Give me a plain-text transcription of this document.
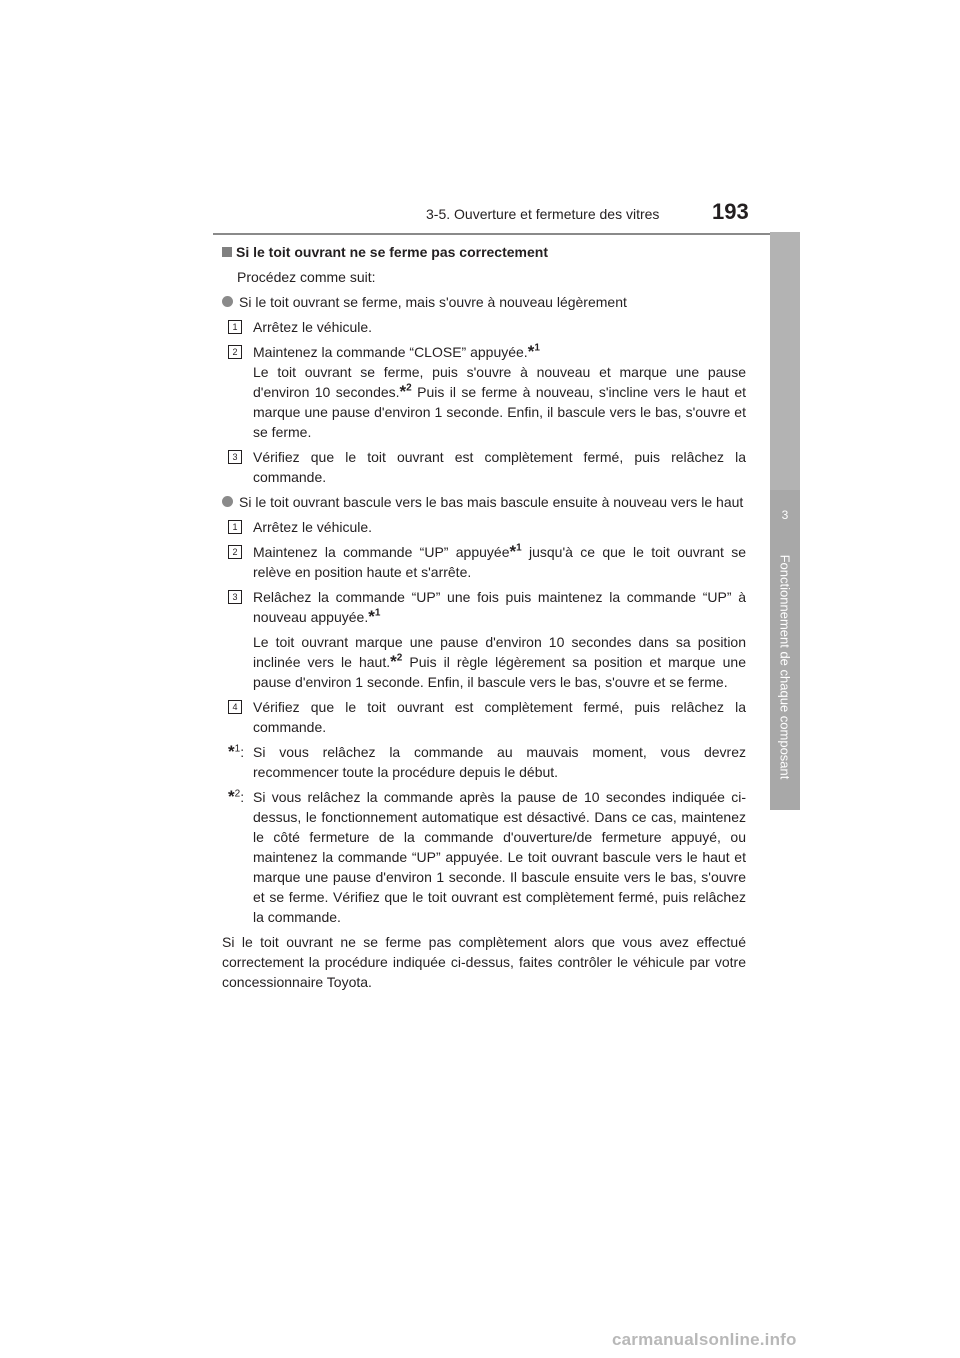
3-5. Ouverture et fermeture des vitres 193
3
Fonctionnement de chaque composant

Si le toit ouvrant ne se ferme pas correctement

Procédez comme suit:

Si le toit ouvrant se ferme, mais s'ouvre à nouveau légèrement

1	Arrêtez le véhicule.

2	Maintenez la commande “CLOSE” appuyée.*$^1$
Le toit ouvrant se ferme, puis s'ouvre à nouveau et marque une pause d'environ 10 secondes.*$^2$ Puis il se ferme à nouveau, s'incline vers le haut et marque une pause d'environ 1 seconde. Enfin, il bascule vers le bas, s'ouvre et se ferme.

3	Vérifiez que le toit ouvrant est complètement fermé, puis relâchez la commande.

Si le toit ouvrant bascule vers le bas mais bascule ensuite à nouveau vers le haut

1	Arrêtez le véhicule.

2	Maintenez la commande “UP” appuyée*$^1$ jusqu'à ce que le toit ouvrant se relève en position haute et s'arrête.

3	Relâchez la commande “UP” une fois puis maintenez la commande “UP” à nouveau appuyée.*$^1$

Le toit ouvrant marque une pause d'environ 10 secondes dans sa position inclinée vers le haut.*$^2$ Puis il règle légèrement sa position et marque une pause d'environ 1 seconde. Enfin, il bascule vers le bas, s'ouvre et se ferme.

4	Vérifiez que le toit ouvrant est complètement fermé, puis relâchez la commande.

*$^1$: Si vous relâchez la commande au mauvais moment, vous devrez recommencer toute la procédure depuis le début.

*$^2$: Si vous relâchez la commande après la pause de 10 secondes indiquée ci-dessus, le fonctionnement automatique est désactivé. Dans ce cas, maintenez le côté fermeture de la commande d'ouverture/de fermeture appuyé, ou maintenez la commande “UP” appuyée. Le toit ouvrant bascule vers le haut et marque une pause d'environ 1 seconde. Il bascule ensuite vers le bas, s'ouvre et se ferme. Vérifiez que le toit ouvrant est complètement fermé, puis relâchez la commande.

Si le toit ouvrant ne se ferme pas complètement alors que vous avez effectué correctement la procédure indiquée ci-dessus, faites contrôler le véhicule par votre concessionnaire Toyota.

carmanualsonline.info
